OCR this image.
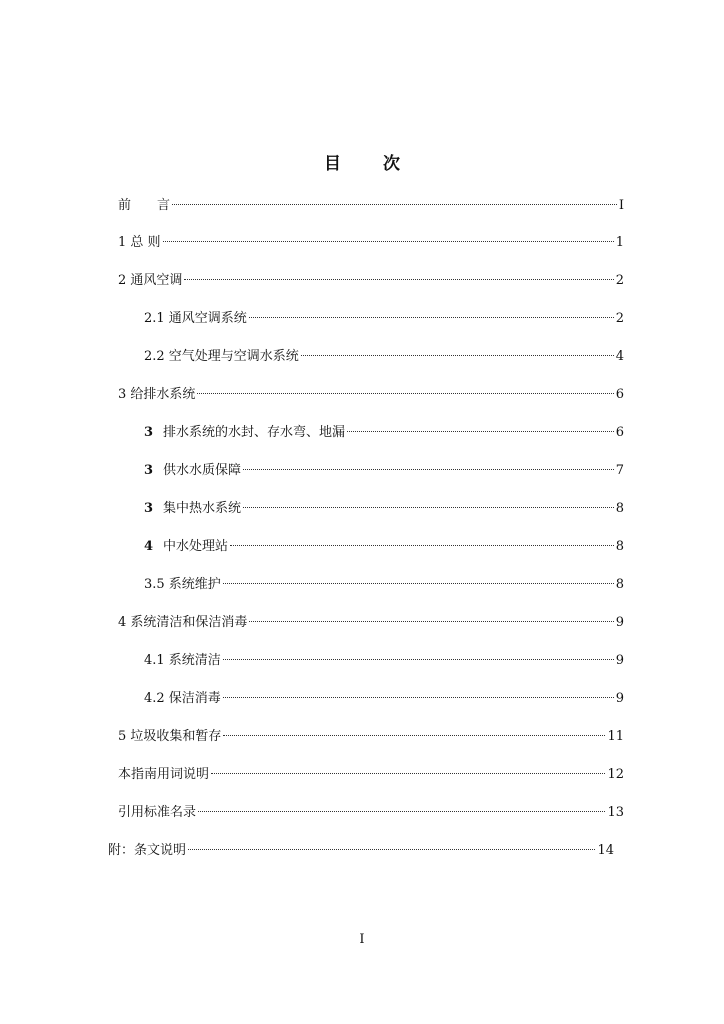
目 次
前　　言	I
1 总 则	1
2 通风空调	2
2.1 通风空调系统	2
2.2 空气处理与空调水系统	4
3 给排水系统	6
3 排水系统的水封、存水弯、地漏	6
3 供水水质保障	7
3 集中热水系统	8
4 中水处理站	8
3.5 系统维护	8
4 系统清洁和保洁消毒	9
4.1 系统清洁	9
4.2 保洁消毒	9
5 垃圾收集和暂存	11
本指南用词说明	12
引用标准名录	13
附：条文说明	14
I
